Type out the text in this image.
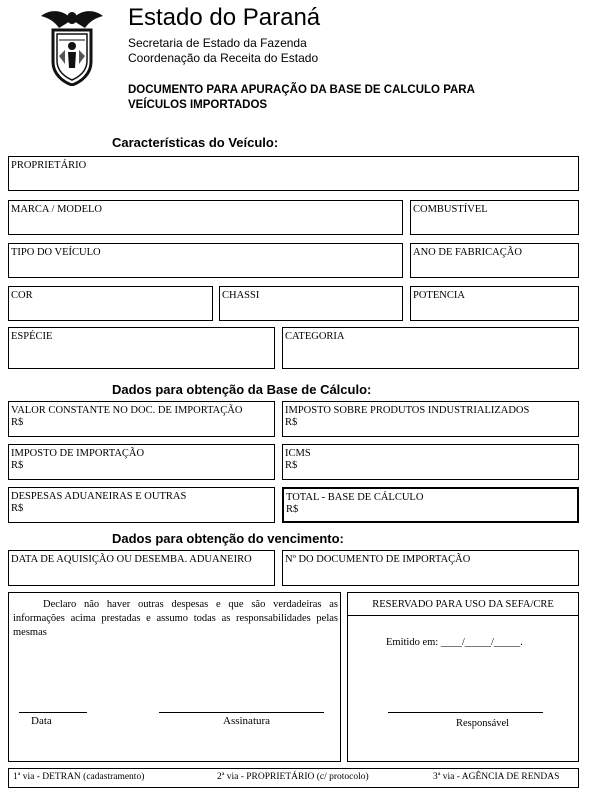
Estado do Paraná
Secretaria de Estado da Fazenda
Coordenação da Receita do Estado
DOCUMENTO PARA APURAÇÃO DA BASE DE CALCULO PARA
VEÍCULOS IMPORTADOS
Características do Veículo:
PROPRIETÁRIO
MARCA / MODELO	COMBUSTÍVEL
TIPO DO VEÍCULO	ANO DE FABRICAÇÃO
COR	CHASSI	POTENCIA
ESPÉCIE	CATEGORIA
Dados para obtenção da Base de Cálculo:
VALOR CONSTANTE NO DOC. DE IMPORTAÇÃO
R$
IMPOSTO SOBRE PRODUTOS INDUSTRIALIZADOS
R$
IMPOSTO DE IMPORTAÇÃO
R$
ICMS
R$
DESPESAS ADUANEIRAS E OUTRAS
R$
TOTAL - BASE DE CÁLCULO
R$
Dados para obtenção do vencimento:
DATA DE AQUISIÇÃO OU DESEMBA. ADUANEIRO	Nº DO DOCUMENTO DE IMPORTAÇÃO
Declaro não haver outras despesas e que são verdadeiras as informações acima prestadas e assumo todas as responsabilidades pelas mesmas
Data	Assinatura
RESERVADO PARA USO DA SEFA/CRE
Emitido em: ____/_____/_____.
Responsável
1ª via - DETRAN (cadastramento)	2ª via - PROPRIETÁRIO (c/ protocolo)	3ª via - AGÊNCIA DE RENDAS
